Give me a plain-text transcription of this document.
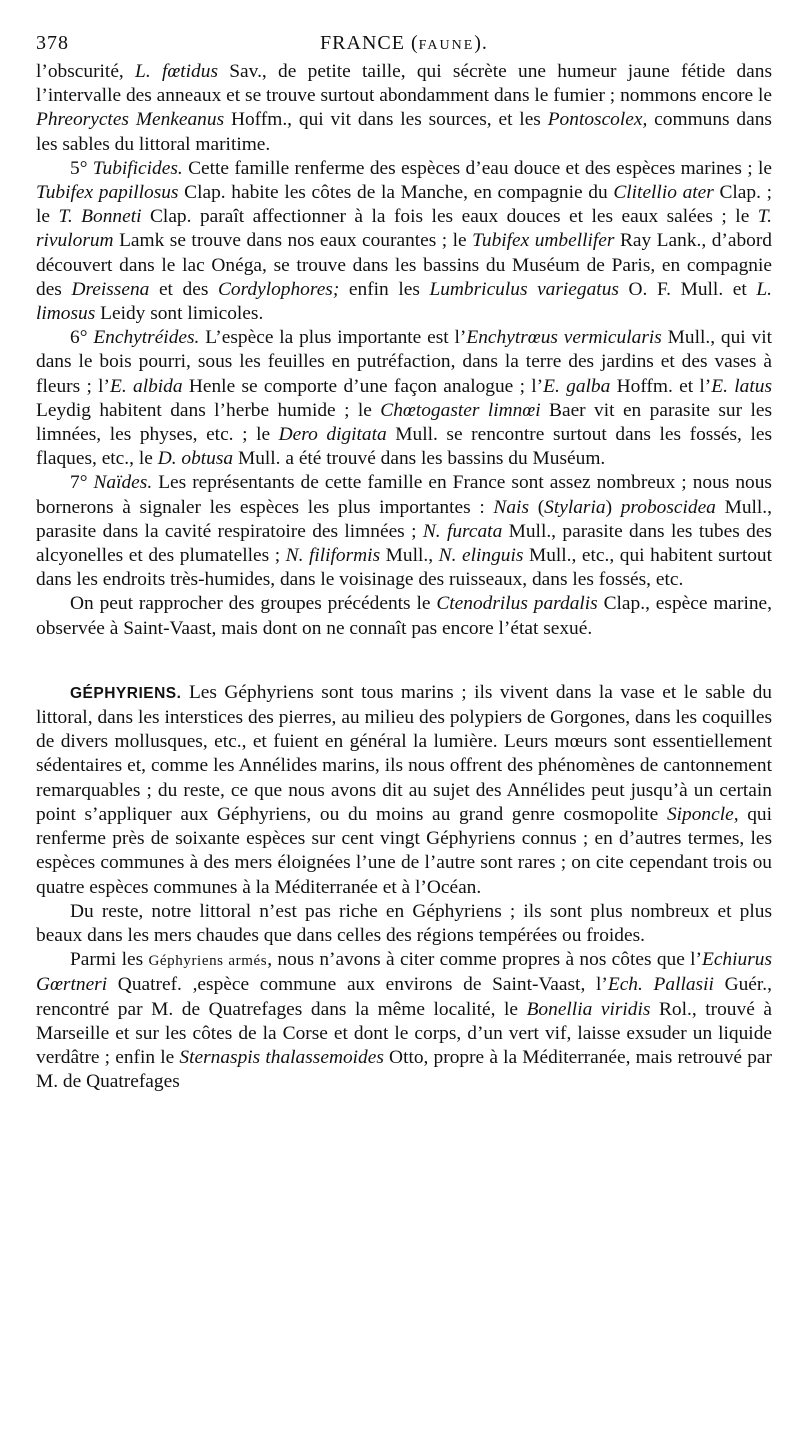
378	FRANCE (FAUNE).

l’obscurité, L. fœtidus Sav., de petite taille, qui sécrète une humeur jaune fétide dans l’intervalle des anneaux et se trouve surtout abondamment dans le fumier ; nommons encore le Phreoryctes Menkeanus Hoffm., qui vit dans les sources, et les Pontoscolex, communs dans les sables du littoral maritime.

5° Tubificides. Cette famille renferme des espèces d’eau douce et des espèces marines ; le Tubifex papillosus Clap. habite les côtes de la Manche, en compagnie du Clitellio ater Clap. ; le T. Bonneti Clap. paraît affectionner à la fois les eaux douces et les eaux salées ; le T. rivulorum Lamk se trouve dans nos eaux courantes ; le Tubifex umbellifer Ray Lank., d’abord découvert dans le lac Onéga, se trouve dans les bassins du Muséum de Paris, en compagnie des Dreissena et des Cordylophores; enfin les Lumbriculus variegatus O. F. Mull. et L. limosus Leidy sont limicoles.

6° Enchytréides. L’espèce la plus importante est l’Enchytrœus vermicularis Mull., qui vit dans le bois pourri, sous les feuilles en putréfaction, dans la terre des jardins et des vases à fleurs ; l’E. albida Henle se comporte d’une façon analogue ; l’E. galba Hoffm. et l’E. latus Leydig habitent dans l’herbe humide ; le Chœtogaster limnœi Baer vit en parasite sur les limnées, les physes, etc. ; le Dero digitata Mull. se rencontre surtout dans les fossés, les flaques, etc., le D. obtusa Mull. a été trouvé dans les bassins du Muséum.

7° Naïdes. Les représentants de cette famille en France sont assez nombreux ; nous nous bornerons à signaler les espèces les plus importantes : Nais (Stylaria) proboscidea Mull., parasite dans la cavité respiratoire des limnées ; N. furcata Mull., parasite dans les tubes des alcyonelles et des plumatelles ; N. filiformis Mull., N. elinguis Mull., etc., qui habitent surtout dans les endroits très-humides, dans le voisinage des ruisseaux, dans les fossés, etc.

On peut rapprocher des groupes précédents le Ctenodrilus pardalis Clap., espèce marine, observée à Saint-Vaast, mais dont on ne connaît pas encore l’état sexué.

GÉPHYRIENS. Les Géphyriens sont tous marins ; ils vivent dans la vase et le sable du littoral, dans les interstices des pierres, au milieu des polypiers de Gorgones, dans les coquilles de divers mollusques, etc., et fuient en général la lumière. Leurs mœurs sont essentiellement sédentaires et, comme les Annélides marins, ils nous offrent des phénomènes de cantonnement remarquables ; du reste, ce que nous avons dit au sujet des Annélides peut jusqu’à un certain point s’appliquer aux Géphyriens, ou du moins au grand genre cosmopolite Siponcle, qui renferme près de soixante espèces sur cent vingt Géphyriens connus ; en d’autres termes, les espèces communes à des mers éloignées l’une de l’autre sont rares ; on cite cependant trois ou quatre espèces communes à la Méditerranée et à l’Océan.

Du reste, notre littoral n’est pas riche en Géphyriens ; ils sont plus nombreux et plus beaux dans les mers chaudes que dans celles des régions tempérées ou froides.

Parmi les Géphyriens armés, nous n’avons à citer comme propres à nos côtes que l’Echiurus Gœrtneri Quatref. ,espèce commune aux environs de Saint-Vaast, l’Ech. Pallasii Guér., rencontré par M. de Quatrefages dans la même localité, le Bonellia viridis Rol., trouvé à Marseille et sur les côtes de la Corse et dont le corps, d’un vert vif, laisse exsuder un liquide verdâtre ; enfin le Sternaspis thalassemoides Otto, propre à la Méditerranée, mais retrouvé par M. de Quatrefages
